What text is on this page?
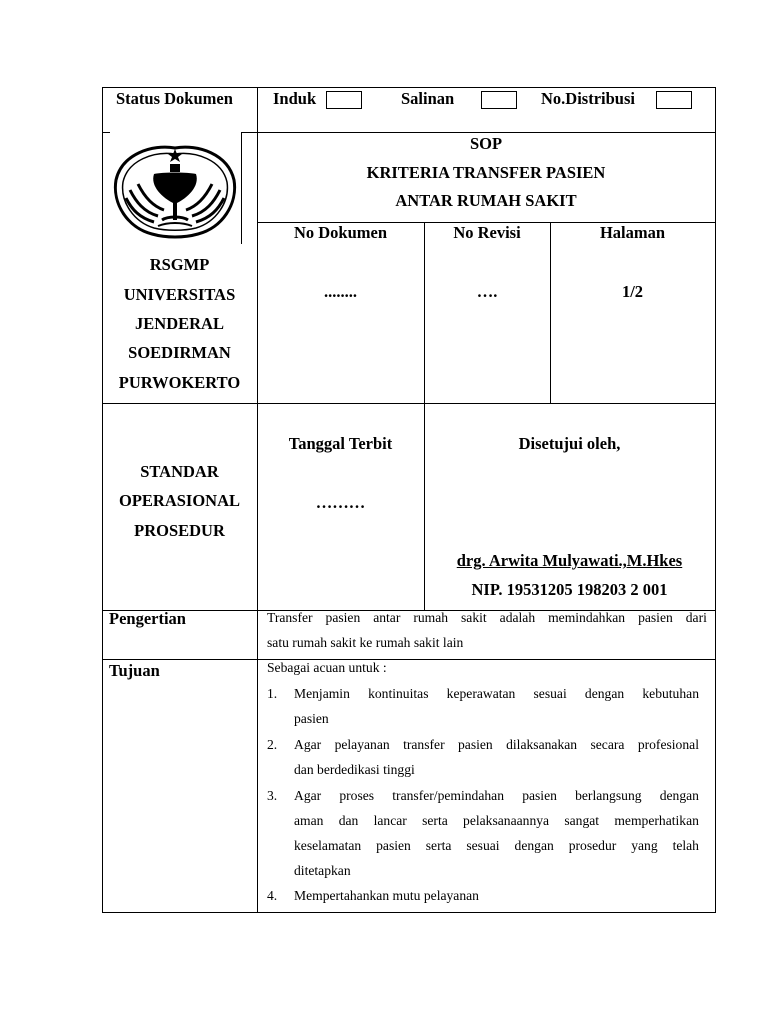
Status Dokumen Induk	Salinan	No.Distribusi
RSGMP
UNIVERSITAS
JENDERAL
SOEDIRMAN
PURWOKERTO
SOP
KRITERIA TRANSFER PASIEN
ANTAR RUMAH SAKIT
No Dokumen	No Revisi	Halaman
........	….	1/2
STANDAR
OPERASIONAL
PROSEDUR
Tanggal Terbit
………
Disetujui oleh,
drg. Arwita Mulyawati.,M.Hkes
NIP. 19531205 198203 2 001
Pengertian	Transfer pasien antar rumah sakit adalah memindahkan pasien dari
satu rumah sakit ke rumah sakit lain
Tujuan	Sebagai acuan untuk :
1. Menjamin kontinuitas keperawatan sesuai dengan kebutuhan
pasien
2. Agar pelayanan transfer pasien dilaksanakan secara profesional
dan berdedikasi tinggi
3. Agar proses transfer/pemindahan pasien berlangsung dengan
aman dan lancar serta pelaksanaannya sangat memperhatikan
keselamatan pasien serta sesuai dengan prosedur yang telah
ditetapkan
4. Mempertahankan mutu pelayanan
